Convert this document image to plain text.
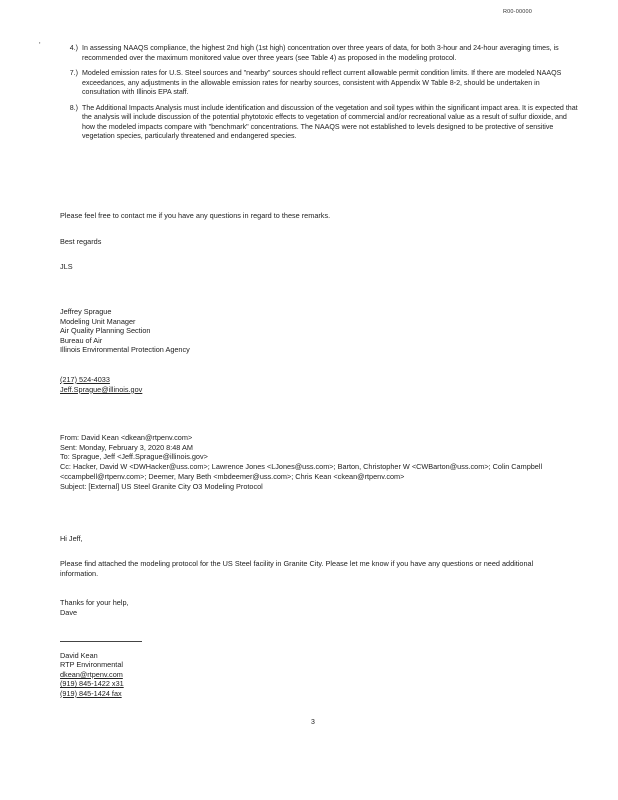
R00-00000
'	4.) In assessing NAAQS compliance, the highest 2nd high (1st high) concentration over three years of data, for both 3-hour and 24-hour averaging times, is recommended over the maximum monitored value over three years (see Table 4) as proposed in the modeling protocol.
7.) Modeled emission rates for U.S. Steel sources and "nearby" sources should reflect current allowable permit condition limits. If there are modeled NAAQS exceedances, any adjustments in the allowable emission rates for nearby sources, consistent with Appendix W Table 8-2, should be undertaken in consultation with Illinois EPA staff.
8.) The Additional Impacts Analysis must include identification and discussion of the vegetation and soil types within the significant impact area. It is expected that the analysis will include discussion of the potential phytotoxic effects to vegetation of commercial and/or recreational value as a result of sulfur dioxide, and how the modeled impacts compare with "benchmark" concentrations. The NAAQS were not established to levels designed to be protective of sensitive vegetation species, particularly threatened and endangered species.
Please feel free to contact me if you have any questions in regard to these remarks.
Best regards
JLS
Jeffrey Sprague
Modeling Unit Manager
Air Quality Planning Section
Bureau of Air
Illinois Environmental Protection Agency
(217) 524-4033
Jeff.Sprague@illinois.gov
From: David Kean <dkean@rtpenv.com>
Sent: Monday, February 3, 2020 8:48 AM
To: Sprague, Jeff <Jeff.Sprague@illinois.gov>
Cc: Hacker, David W <DWHacker@uss.com>; Lawrence Jones <LJones@uss.com>; Barton, Christopher W <CWBarton@uss.com>; Colin Campbell <ccampbell@rtpenv.com>; Deemer, Mary Beth <mbdeemer@uss.com>; Chris Kean <ckean@rtpenv.com>
Subject: [External] US Steel Granite City O3 Modeling Protocol
Hi Jeff,
Please find attached the modeling protocol for the US Steel facility in Granite City. Please let me know if you have any questions or need additional information.
Thanks for your help,
Dave
David Kean
RTP Environmental
dkean@rtpenv.com
(919) 845-1422 x31
(919) 845-1424 fax
3
